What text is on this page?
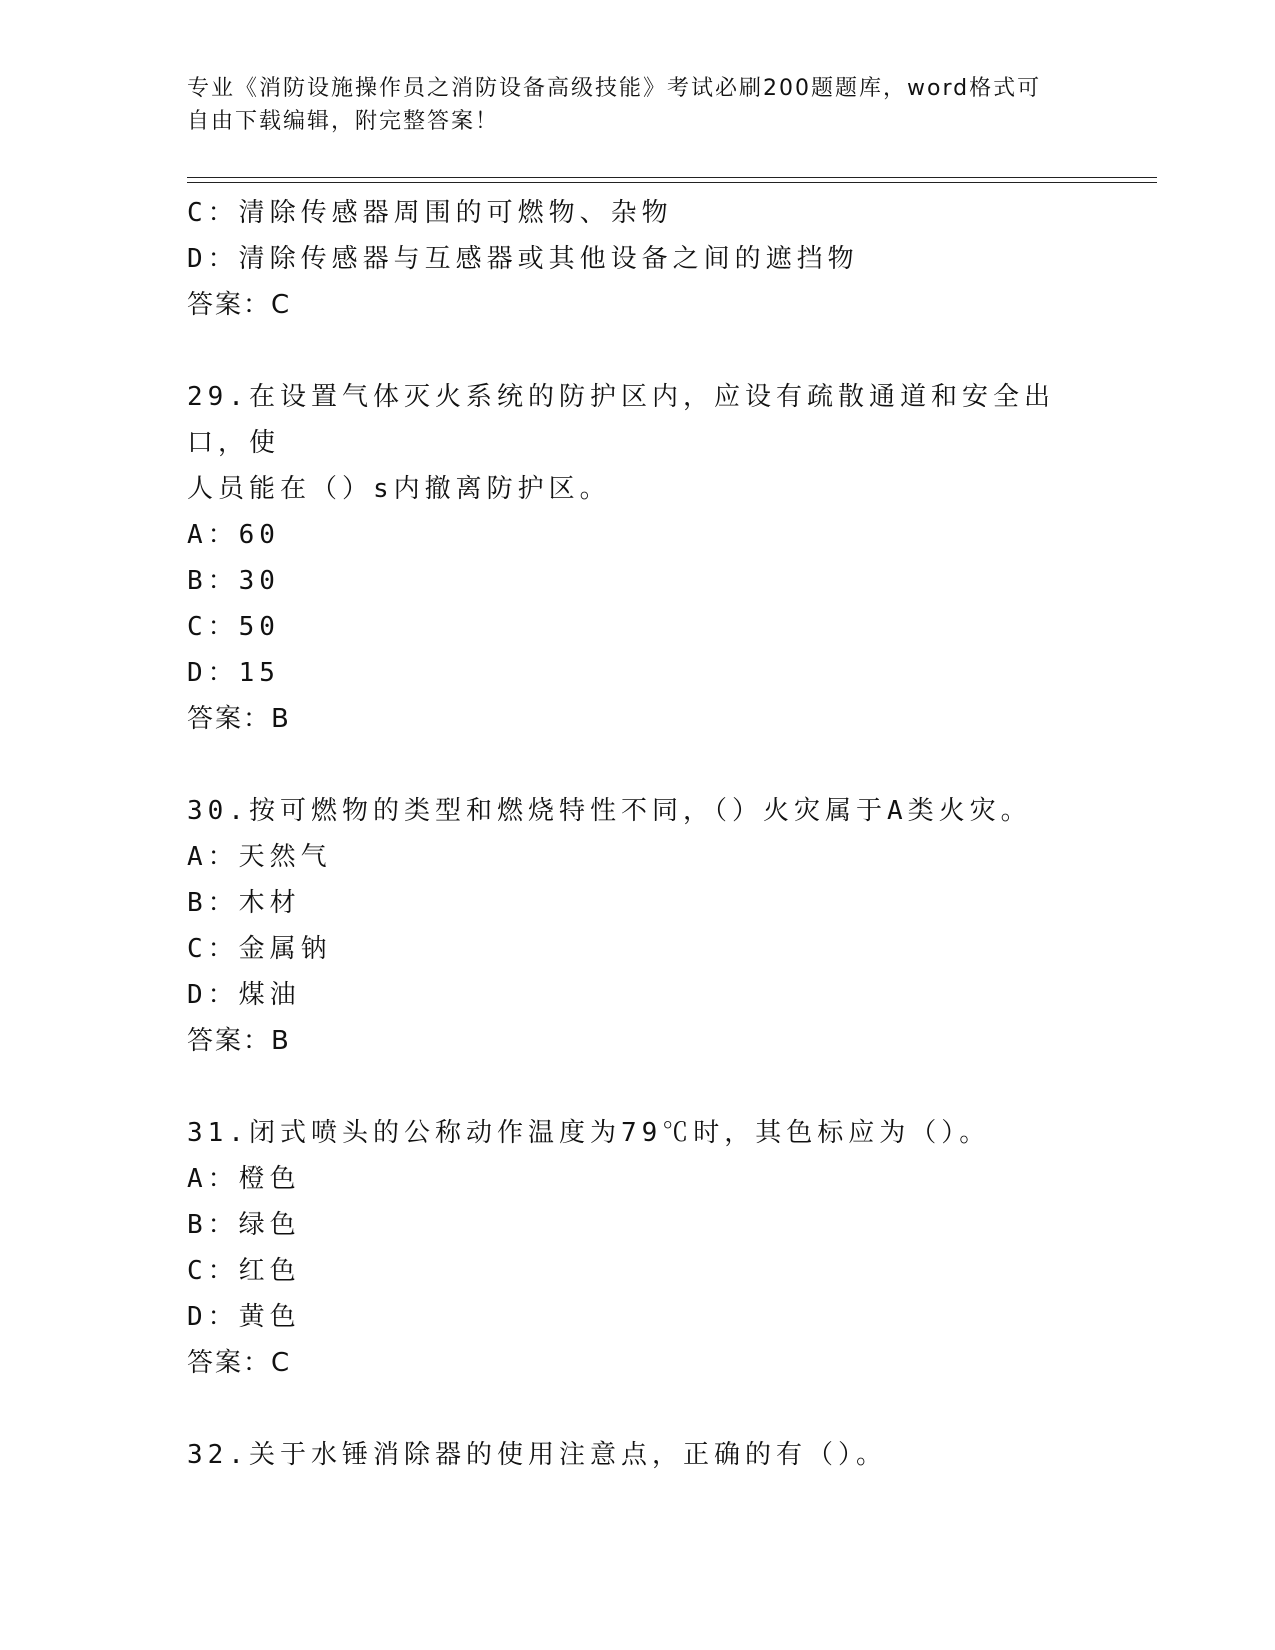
专业《消防设施操作员之消防设备高级技能》考试必刷200题题库，word格式可
自由下载编辑，附完整答案！
C：清除传感器周围的可燃物、杂物
D：清除传感器与互感器或其他设备之间的遮挡物
答案：C
29.在设置气体灭火系统的防护区内，应设有疏散通道和安全出口，使
人员能在（）s内撤离防护区。
A：60
B：30
C：50
D：15
答案：B
30.按可燃物的类型和燃烧特性不同，（）火灾属于A类火灾。
A：天然气
B：木材
C：金属钠
D：煤油
答案：B
31.闭式喷头的公称动作温度为79℃时，其色标应为（）。
A：橙色
B：绿色
C：红色
D：黄色
答案：C
32.关于水锤消除器的使用注意点，正确的有（）。
